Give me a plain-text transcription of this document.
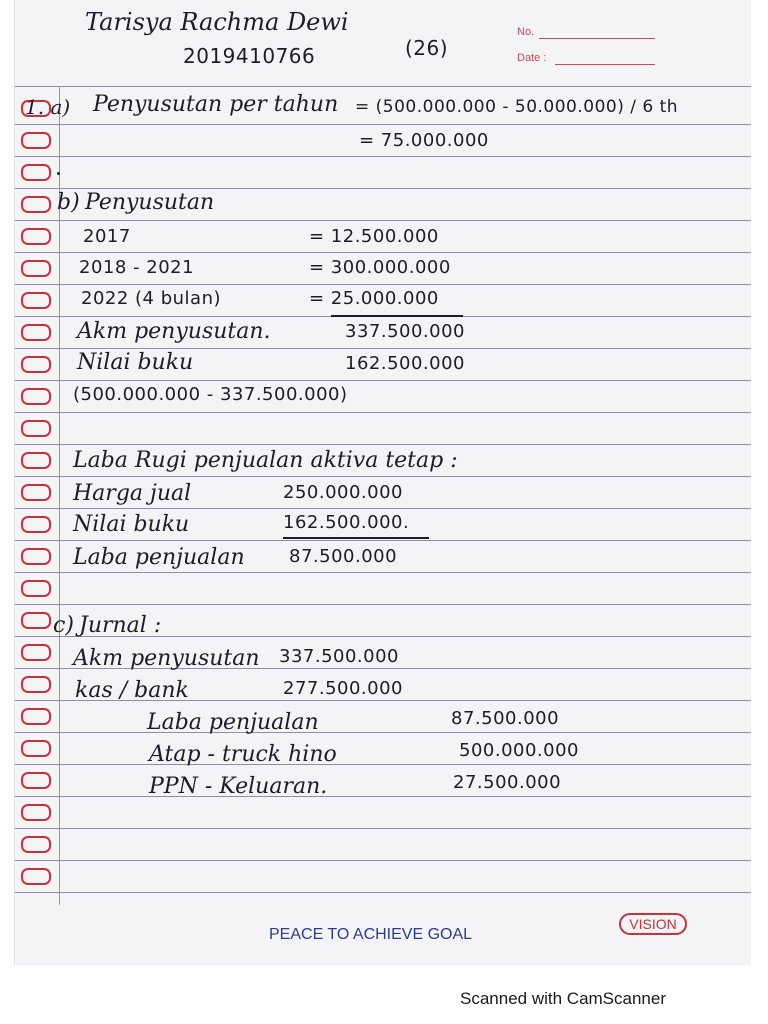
Tarisya Rachma Dewi
2019410766	(26)
No.
Date :
1. a) Penyusutan per tahun = (500.000.000 - 50.000.000) / 6 th
= 75.000.000
b) Penyusutan
2017	= 12.500.000
2018 - 2021	= 300.000.000
2022 (4 bulan)	= 25.000.000
Akm penyusutan.	337.500.000
Nilai buku	162.500.000
(500.000.000 - 337.500.000)
Laba Rugi penjualan aktiva tetap :
Harga jual	250.000.000
Nilai buku	162.500.000.
Laba penjualan 87.500.000
c) Jurnal :
Akm penyusutan 337.500.000
kas / bank	277.500.000
Laba penjualan	87.500.000
Atap - truck hino	500.000.000
PPN - Keluaran.	27.500.000
PEACE TO ACHIEVE GOAL
VISION
Scanned with CamScanner
